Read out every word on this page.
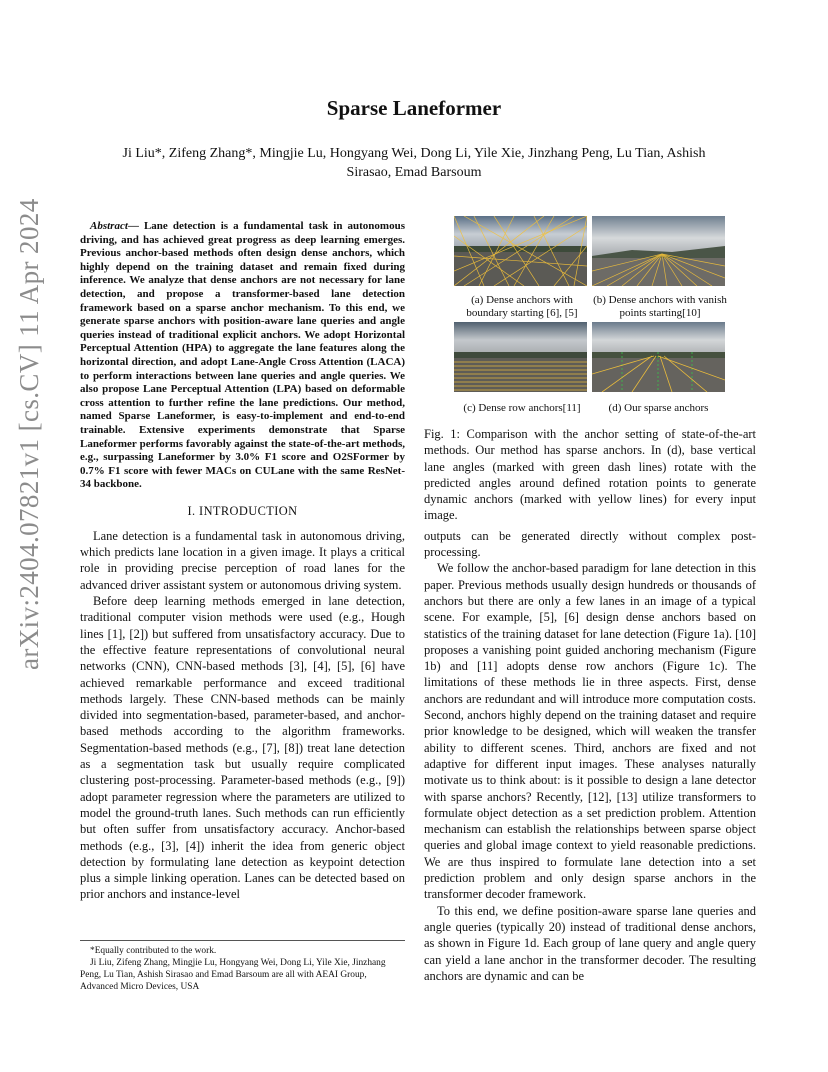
arXiv:2404.07821v1 [cs.CV] 11 Apr 2024
Sparse Laneformer
Ji Liu*, Zifeng Zhang*, Mingjie Lu, Hongyang Wei, Dong Li, Yile Xie, Jinzhang Peng, Lu Tian, Ashish Sirasao, Emad Barsoum

Abstract— Lane detection is a fundamental task in autonomous driving, and has achieved great progress as deep learning emerges. Previous anchor-based methods often design dense anchors, which highly depend on the training dataset and remain fixed during inference. We analyze that dense anchors are not necessary for lane detection, and propose a transformer-based lane detection framework based on a sparse anchor mechanism. To this end, we generate sparse anchors with position-aware lane queries and angle queries instead of traditional explicit anchors. We adopt Horizontal Perceptual Attention (HPA) to aggregate the lane features along the horizontal direction, and adopt Lane-Angle Cross Attention (LACA) to perform interactions between lane queries and angle queries. We also propose Lane Perceptual Attention (LPA) based on deformable cross attention to further refine the lane predictions. Our method, named Sparse Laneformer, is easy-to-implement and end-to-end trainable. Extensive experiments demonstrate that Sparse Laneformer performs favorably against the state-of-the-art methods, e.g., surpassing Laneformer by 3.0% F1 score and O2SFormer by 0.7% F1 score with fewer MACs on CULane with the same ResNet-34 backbone.

I. INTRODUCTION

Lane detection is a fundamental task in autonomous driving, which predicts lane location in a given image. It plays a critical role in providing precise perception of road lanes for the advanced driver assistant system or autonomous driving system.

Before deep learning methods emerged in lane detection, traditional computer vision methods were used (e.g., Hough lines [1], [2]) but suffered from unsatisfactory accuracy. Due to the effective feature representations of convolutional neural networks (CNN), CNN-based methods [3], [4], [5], [6] have achieved remarkable performance and exceed traditional methods largely. These CNN-based methods can be mainly divided into segmentation-based, parameter-based, and anchor-based methods according to the algorithm frameworks. Segmentation-based methods (e.g., [7], [8]) treat lane detection as a segmentation task but usually require complicated clustering post-processing. Parameter-based methods (e.g., [9]) adopt parameter regression where the parameters are utilized to model the ground-truth lanes. Such methods can run efficiently but often suffer from unsatisfactory accuracy. Anchor-based methods (e.g., [3], [4]) inherit the idea from generic object detection by formulating lane detection as keypoint detection plus a simple linking operation. Lanes can be detected based on prior anchors and instance-level

*Equally contributed to the work.
Ji Liu, Zifeng Zhang, Mingjie Lu, Hongyang Wei, Dong Li, Yile Xie, Jinzhang Peng, Lu Tian, Ashish Sirasao and Emad Barsoum are all with AEAI Group, Advanced Micro Devices, USA
(a) Dense anchors with boundary starting [6], [5]
(b) Dense anchors with vanish points starting[10]
(c) Dense row anchors[11]	(d) Our sparse anchors

Fig. 1: Comparison with the anchor setting of state-of-the-art methods. Our method has sparse anchors. In (d), base vertical lane angles (marked with green dash lines) rotate with the predicted angles around defined rotation points to generate dynamic anchors (marked with yellow lines) for every input image.

outputs can be generated directly without complex post-processing.

We follow the anchor-based paradigm for lane detection in this paper. Previous methods usually design hundreds or thousands of anchors but there are only a few lanes in an image of a typical scene. For example, [5], [6] design dense anchors based on statistics of the training dataset for lane detection (Figure 1a). [10] proposes a vanishing point guided anchoring mechanism (Figure 1b) and [11] adopts dense row anchors (Figure 1c). The limitations of these methods lie in three aspects. First, dense anchors are redundant and will introduce more computation costs. Second, anchors highly depend on the training dataset and require prior knowledge to be designed, which will weaken the transfer ability to different scenes. Third, anchors are fixed and not adaptive for different input images. These analyses naturally motivate us to think about: is it possible to design a lane detector with sparse anchors? Recently, [12], [13] utilize transformers to formulate object detection as a set prediction problem. Attention mechanism can establish the relationships between sparse object queries and global image context to yield reasonable predictions. We are thus inspired to formulate lane detection into a set prediction problem and only design sparse anchors in the transformer decoder framework.

To this end, we define position-aware sparse lane queries and angle queries (typically 20) instead of traditional dense anchors, as shown in Figure 1d. Each group of lane query and angle query can yield a lane anchor in the transformer decoder. The resulting anchors are dynamic and can be
